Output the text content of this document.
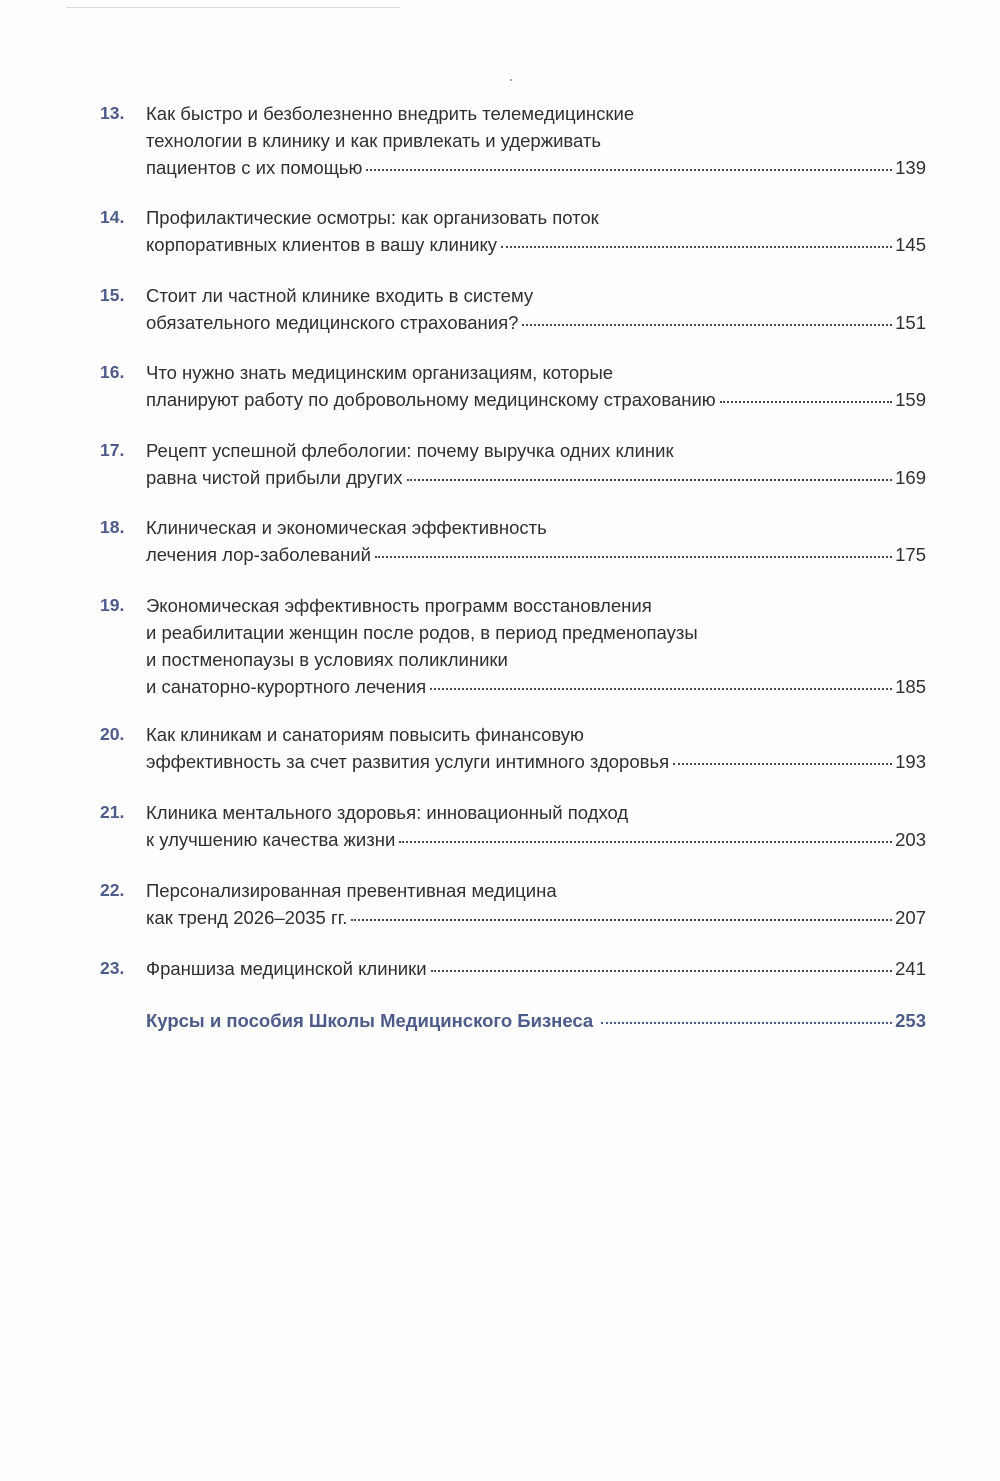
13.	Как быстро и безболезненно внедрить телемедицинские
технологии в клинику и как привлекать и удерживать
пациентов с их помощью	139
14.	Профилактические осмотры: как организовать поток
корпоративных клиентов в вашу клинику	145
15.	Стоит ли частной клинике входить в систему
обязательного медицинского страхования?	151
16.	Что нужно знать медицинским организациям, которые
планируют работу по добровольному медицинскому страхованию	159
17.	Рецепт успешной флебологии: почему выручка одних клиник
равна чистой прибыли других	169
18.	Клиническая и экономическая эффективность
лечения лор-заболеваний	175
19.	Экономическая эффективность программ восстановления
и реабилитации женщин после родов, в период предменопаузы
и постменопаузы в условиях поликлиники
и санаторно-курортного лечения	185
20.	Как клиникам и санаториям повысить финансовую
эффективность за счет развития услуги интимного здоровья	193
21.	Клиника ментального здоровья: инновационный подход
к улучшению качества жизни	203
22.	Персонализированная превентивная медицина
как тренд 2026–2035 гг.	207
23.	Франшиза медицинской клиники	241
Курсы и пособия Школы Медицинского Бизнеса	253
